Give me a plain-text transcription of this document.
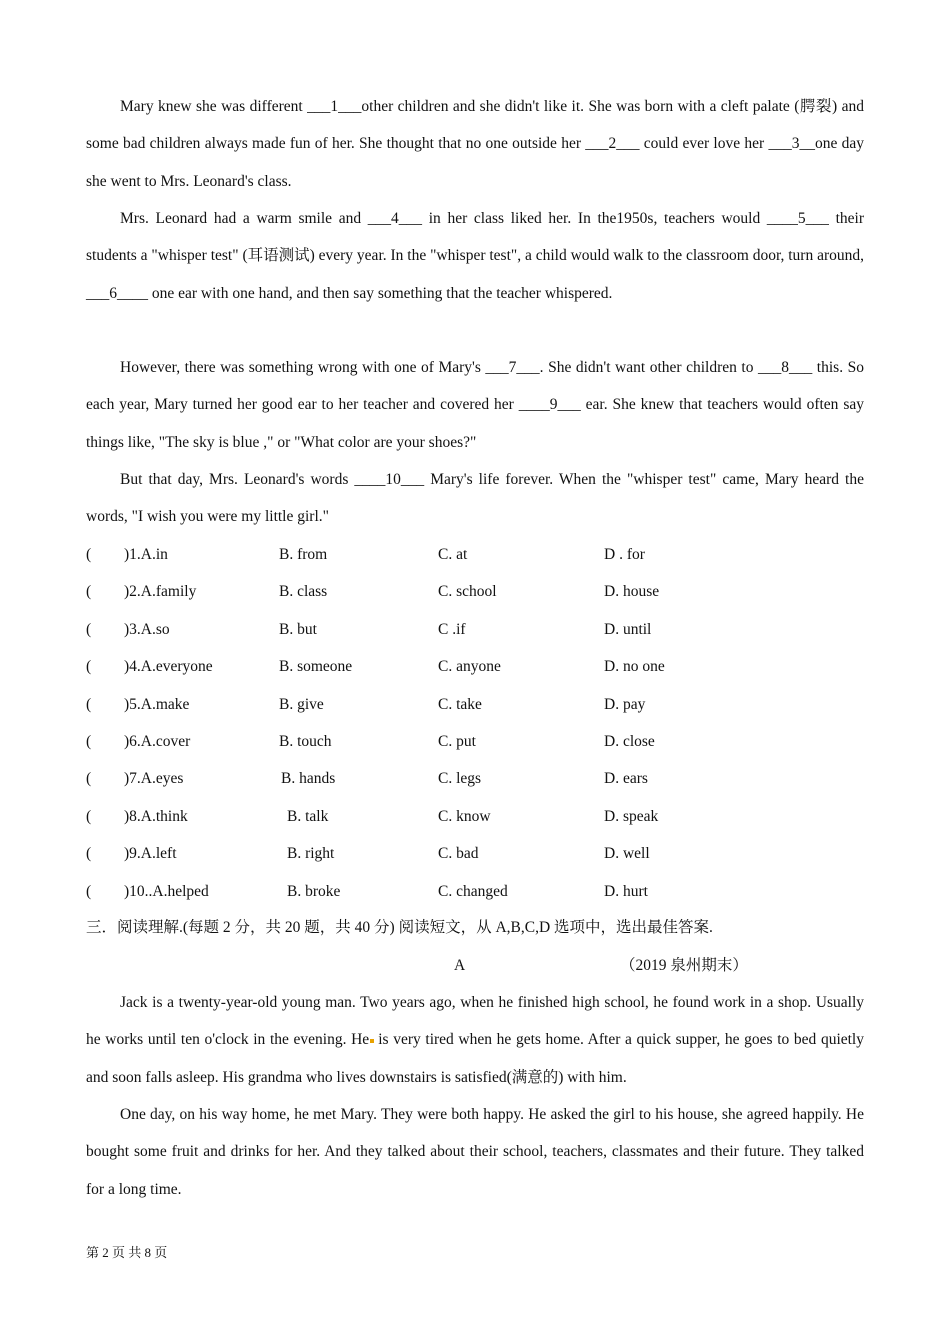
Mary knew she was different ___1___other children and she didn't like it. She was born with a cleft palate (腭裂) and some bad children always made fun of her. She thought that no one outside her ___2___ could ever love her ___3__one day she went to Mrs. Leonard's class.

Mrs. Leonard had a warm smile and ___4___ in her class liked her. In the1950s, teachers would ____5___ their students a "whisper test" (耳语测试) every year. In the "whisper test", a child would walk to the classroom door, turn around, ___6____ one ear with one hand, and then say something that the teacher whispered.

However, there was something wrong with one of Mary's ___7___. She didn't want other children to ___8___ this. So each year, Mary turned her good ear to her teacher and covered her ____9___ ear. She knew that teachers would often say things like, "The sky is blue ," or "What color are your shoes?"

But that day, Mrs. Leonard's words ____10___ Mary's life forever. When the "whisper test" came, Mary heard the words, "I wish you were my little girl."

( )1.A.in	B. from	C. at	D . for
( )2.A.family	B. class	C. school	D. house
( )3.A.so	B. but	C .if	D. until
( )4.A.everyone	B. someone	C. anyone	D. no one
( )5.A.make	B. give	C. take	D. pay
( )6.A.cover	B. touch	C. put	D. close
( )7.A.eyes	B. hands	C. legs	D. ears
( )8.A.think	B. talk	C. know	D. speak
( )9.A.left	B. right	C. bad	D. well
( )10..A.helped	B. broke	C. changed	D. hurt
三．阅读理解.(每题 2 分，共 20 题，共 40 分) 阅读短文，从 A,B,C,D 选项中，选出最佳答案.
A	（2019 泉州期末）

Jack is a twenty-year-old young man. Two years ago, when he finished high school, he found work in a shop. Usually he works until ten o'clock in the evening. He is very tired when he gets home. After a quick supper, he goes to bed quietly and soon falls asleep. His grandma who lives downstairs is satisfied(满意的) with him.

One day, on his way home, he met Mary. They were both happy. He asked the girl to his house, she agreed happily. He bought some fruit and drinks for her. And they talked about their school, teachers, classmates and their future. They talked for a long time.

第 2 页 共 8 页
